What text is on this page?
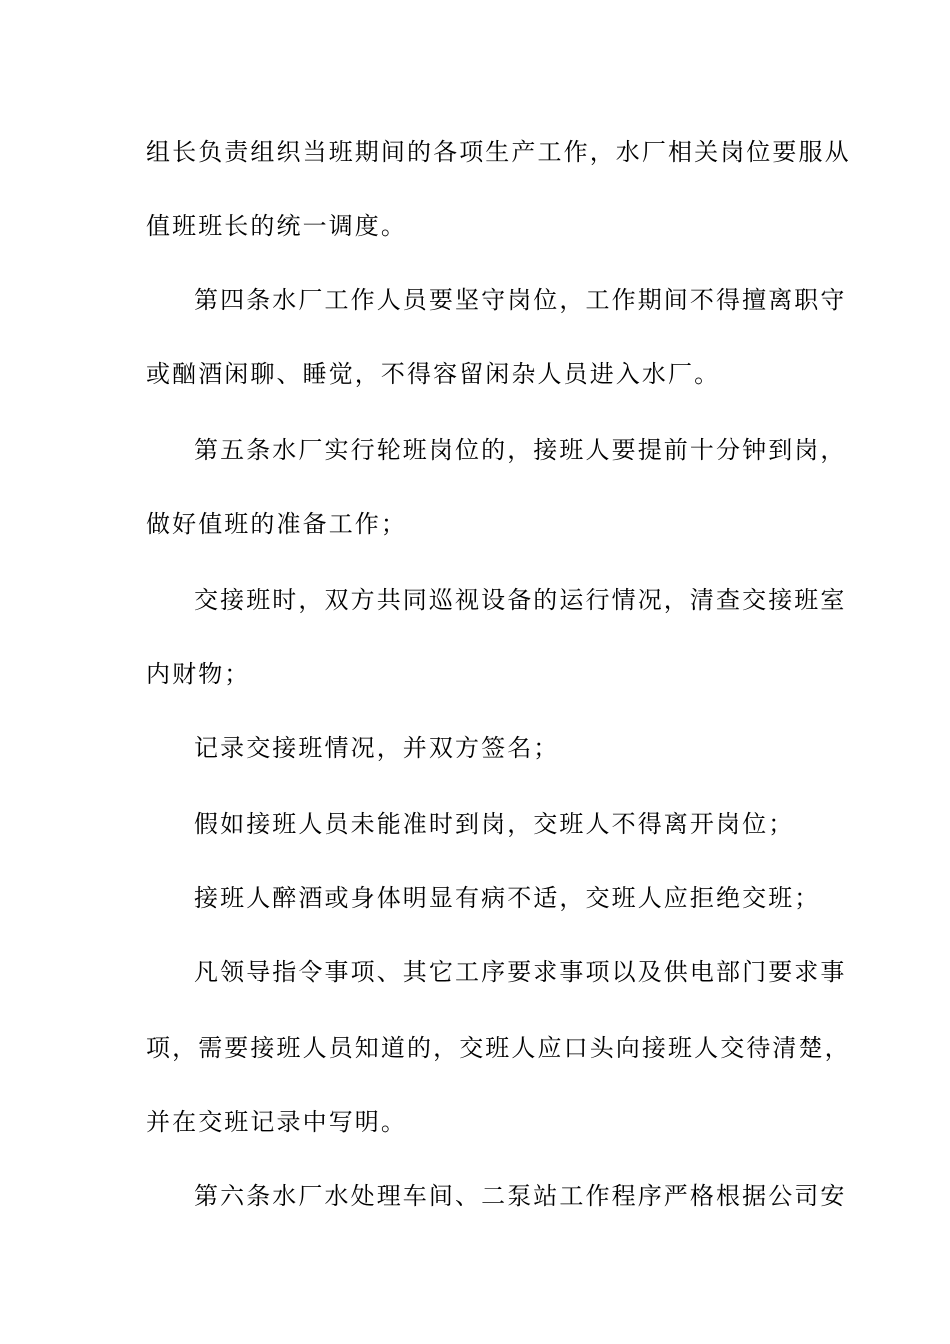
组长负责组织当班期间的各项生产工作，水厂相关岗位要服从
值班班长的统一调度。
第四条水厂工作人员要坚守岗位，工作期间不得擅离职守
或酗酒闲聊、睡觉，不得容留闲杂人员进入水厂。
第五条水厂实行轮班岗位的，接班人要提前十分钟到岗，
做好值班的准备工作；
交接班时，双方共同巡视设备的运行情况，清查交接班室
内财物；
记录交接班情况，并双方签名；
假如接班人员未能准时到岗，交班人不得离开岗位；
接班人醉酒或身体明显有病不适，交班人应拒绝交班；
凡领导指令事项、其它工序要求事项以及供电部门要求事
项，需要接班人员知道的，交班人应口头向接班人交待清楚，
并在交班记录中写明。
第六条水厂水处理车间、二泵站工作程序严格根据公司安
